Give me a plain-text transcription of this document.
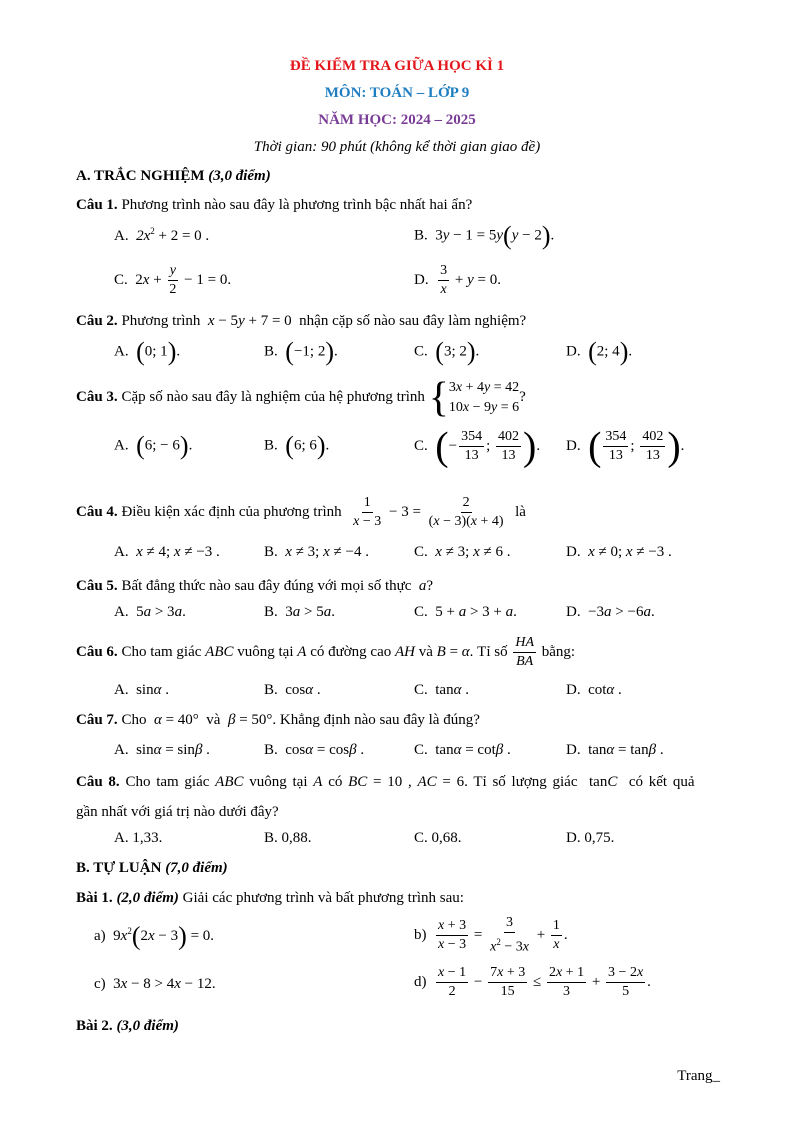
ĐỀ KIỂM TRA GIỮA HỌC KÌ 1
MÔN: TOÁN – LỚP 9
NĂM HỌC: 2024 – 2025
Thời gian: 90 phút (không kể thời gian giao đề)
A. TRẮC NGHIỆM (3,0 điểm)
Câu 1. Phương trình nào sau đây là phương trình bậc nhất hai ẩn?
A.  $2x^2 + 2 = 0$ .	B.  3y − 1 = 5y(y − 2).
C.  $2x + \frac{y}{2} - 1 = 0$.	D. $\frac{3}{x} + y = 0$.
Câu 2. Phương trình x − 5y + 7 = 0  nhận cặp số nào sau đây làm nghiệm?
A.  (0; 1).	B.  (−1; 2).	C.  (3; 2).	D.  (2; 4).
Câu 3. Cặp số nào sau đây là nghiệm của hệ phương trình { 3x + 4y = 42
10x − 9y = 6
?
A.  (6; − 6).	B.  (6; 6).	C.  (− $\frac{354}{13}$ ; $\frac{402}{13}$ ). D.  ( $\frac{354}{13}$ ; $\frac{402}{13}$ ).
Câu 4. Điều kiện xác định của phương trình $\frac{1}{x - 3} - 3 = \frac{2}{(x - 3)(x + 4)}$ là
A.  x ≠ 4; x ≠ −3 .	B.  x ≠ 3; x ≠ −4 .	C.  x ≠ 3; x ≠ 6 .	D.  x ≠ 0; x ≠ −3 .
Câu 5. Bất đẳng thức nào sau đây đúng với mọi số thực a?
A.  5a > 3a.	B.  3a > 5a.	C.  5 + a > 3 + a.	D.  −3a > −6a.
Câu 6. Cho tam giác ABC vuông tại A có đường cao AH và B = α. Tỉ số $\frac{HA}{BA}$ bằng:
A.  sinα .	B.  cosα .	C.  tanα .	D.  cotα .
Câu 7. Cho α = 40°  và β = 50°. Khẳng định nào sau đây là đúng?
A.  sinα = sinβ .	B.  cosα = cosβ .	C.  tanα = cotβ .	D.  tanα = tanβ .
Câu 8. Cho tam giác ABC vuông tại A có BC = 10 , AC = 6. Tỉ số lượng giác  tanC có kết quả
gần nhất với giá trị nào dưới đây?
A. 1,33.	B. 0,88.	C. 0,68.	D. 0,75.
B. TỰ LUẬN (7,0 điểm)
Bài 1. (2,0 điểm) Giải các phương trình và bất phương trình sau:
a)  $9x^2(2x - 3) = 0$.	$b) \frac{x + 3}{x - 3} = \frac{3}{x^2 - 3x} + \frac{1}{x}$ .
c)  3x − 8 > 4x − 12.	$d) \frac{x - 1}{2} - \frac{7x + 3}{15} \le \frac{2x + 1}{3} + \frac{3 - 2x}{5}$ .
Bài 2. (3,0 điểm)
Trang_
